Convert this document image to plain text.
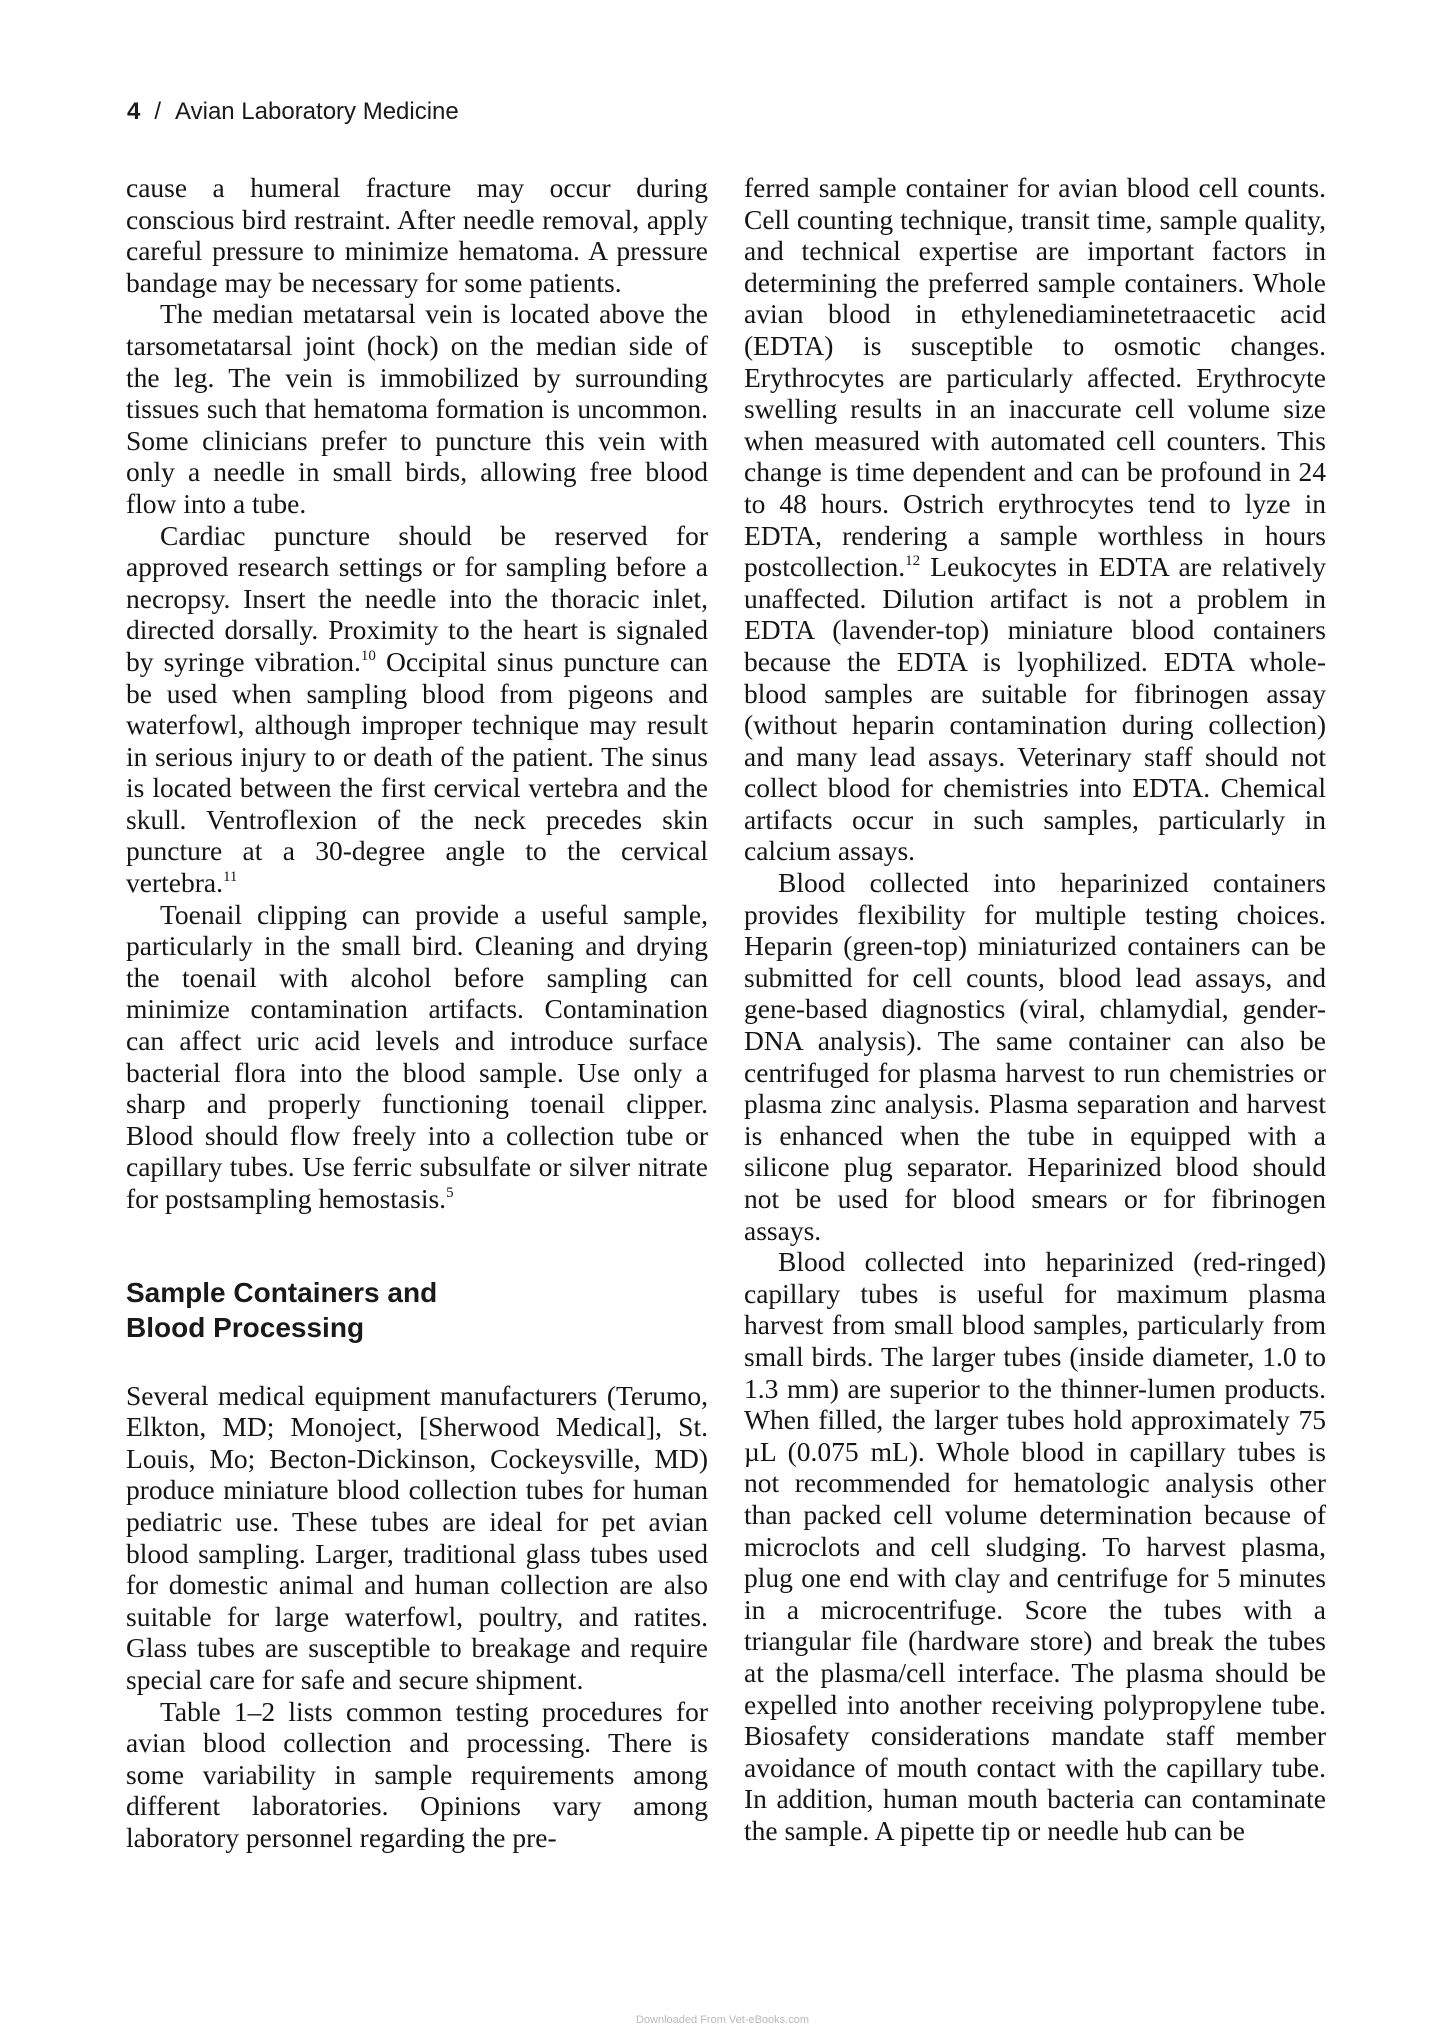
4 / Avian Laboratory Medicine

cause a humeral fracture may occur during conscious bird restraint. After needle removal, apply careful pressure to minimize hematoma. A pressure bandage may be necessary for some patients.

The median metatarsal vein is located above the tarsometatarsal joint (hock) on the median side of the leg. The vein is immobilized by surrounding tissues such that hematoma formation is uncommon. Some clinicians prefer to puncture this vein with only a needle in small birds, allowing free blood flow into a tube.

Cardiac puncture should be reserved for approved research settings or for sampling before a necropsy. Insert the needle into the thoracic inlet, directed dorsally. Proximity to the heart is signaled by syringe vibration.$^{10}$ Occipital sinus puncture can be used when sampling blood from pigeons and waterfowl, although improper technique may result in serious injury to or death of the patient. The sinus is located between the first cervical vertebra and the skull. Ventroflexion of the neck precedes skin puncture at a 30-degree angle to the cervical vertebra.$^{11}$

Toenail clipping can provide a useful sample, particularly in the small bird. Cleaning and drying the toenail with alcohol before sampling can minimize contamination artifacts. Contamination can affect uric acid levels and introduce surface bacterial flora into the blood sample. Use only a sharp and properly functioning toenail clipper. Blood should flow freely into a collection tube or capillary tubes. Use ferric subsulfate or silver nitrate for postsampling hemostasis.$^5$

Sample Containers and
Blood Processing

Several medical equipment manufacturers (Terumo, Elkton, MD; Monoject, [Sherwood Medical], St. Louis, Mo; Becton-Dickinson, Cockeysville, MD) produce miniature blood collection tubes for human pediatric use. These tubes are ideal for pet avian blood sampling. Larger, traditional glass tubes used for domestic animal and human collection are also suitable for large waterfowl, poultry, and ratites. Glass tubes are susceptible to breakage and require special care for safe and secure shipment.

Table 1–2 lists common testing procedures for avian blood collection and processing. There is some variability in sample requirements among different laboratories. Opinions vary among laboratory personnel regarding the pre-

ferred sample container for avian blood cell counts. Cell counting technique, transit time, sample quality, and technical expertise are important factors in determining the preferred sample containers. Whole avian blood in ethylenediaminetetraacetic acid (EDTA) is susceptible to osmotic changes. Erythrocytes are particularly affected. Erythrocyte swelling results in an inaccurate cell volume size when measured with automated cell counters. This change is time dependent and can be profound in 24 to 48 hours. Ostrich erythrocytes tend to lyze in EDTA, rendering a sample worthless in hours postcollection.$^{12}$ Leukocytes in EDTA are relatively unaffected. Dilution artifact is not a problem in EDTA (lavender-top) miniature blood containers because the EDTA is lyophilized. EDTA whole-blood samples are suitable for fibrinogen assay (without heparin contamination during collection) and many lead assays. Veterinary staff should not collect blood for chemistries into EDTA. Chemical artifacts occur in such samples, particularly in calcium assays.

Blood collected into heparinized containers provides flexibility for multiple testing choices. Heparin (green-top) miniaturized containers can be submitted for cell counts, blood lead assays, and gene-based diagnostics (viral, chlamydial, gender-DNA analysis). The same container can also be centrifuged for plasma harvest to run chemistries or plasma zinc analysis. Plasma separation and harvest is enhanced when the tube in equipped with a silicone plug separator. Heparinized blood should not be used for blood smears or for fibrinogen assays.

Blood collected into heparinized (red-ringed) capillary tubes is useful for maximum plasma harvest from small blood samples, particularly from small birds. The larger tubes (inside diameter, 1.0 to 1.3 mm) are superior to the thinner-lumen products. When filled, the larger tubes hold approximately 75 µL (0.075 mL). Whole blood in capillary tubes is not recommended for hematologic analysis other than packed cell volume determination because of microclots and cell sludging. To harvest plasma, plug one end with clay and centrifuge for 5 minutes in a microcentrifuge. Score the tubes with a triangular file (hardware store) and break the tubes at the plasma/cell interface. The plasma should be expelled into another receiving polypropylene tube. Biosafety considerations mandate staff member avoidance of mouth contact with the capillary tube. In addition, human mouth bacteria can contaminate the sample. A pipette tip or needle hub can be

Downloaded From Vet-eBooks.com
